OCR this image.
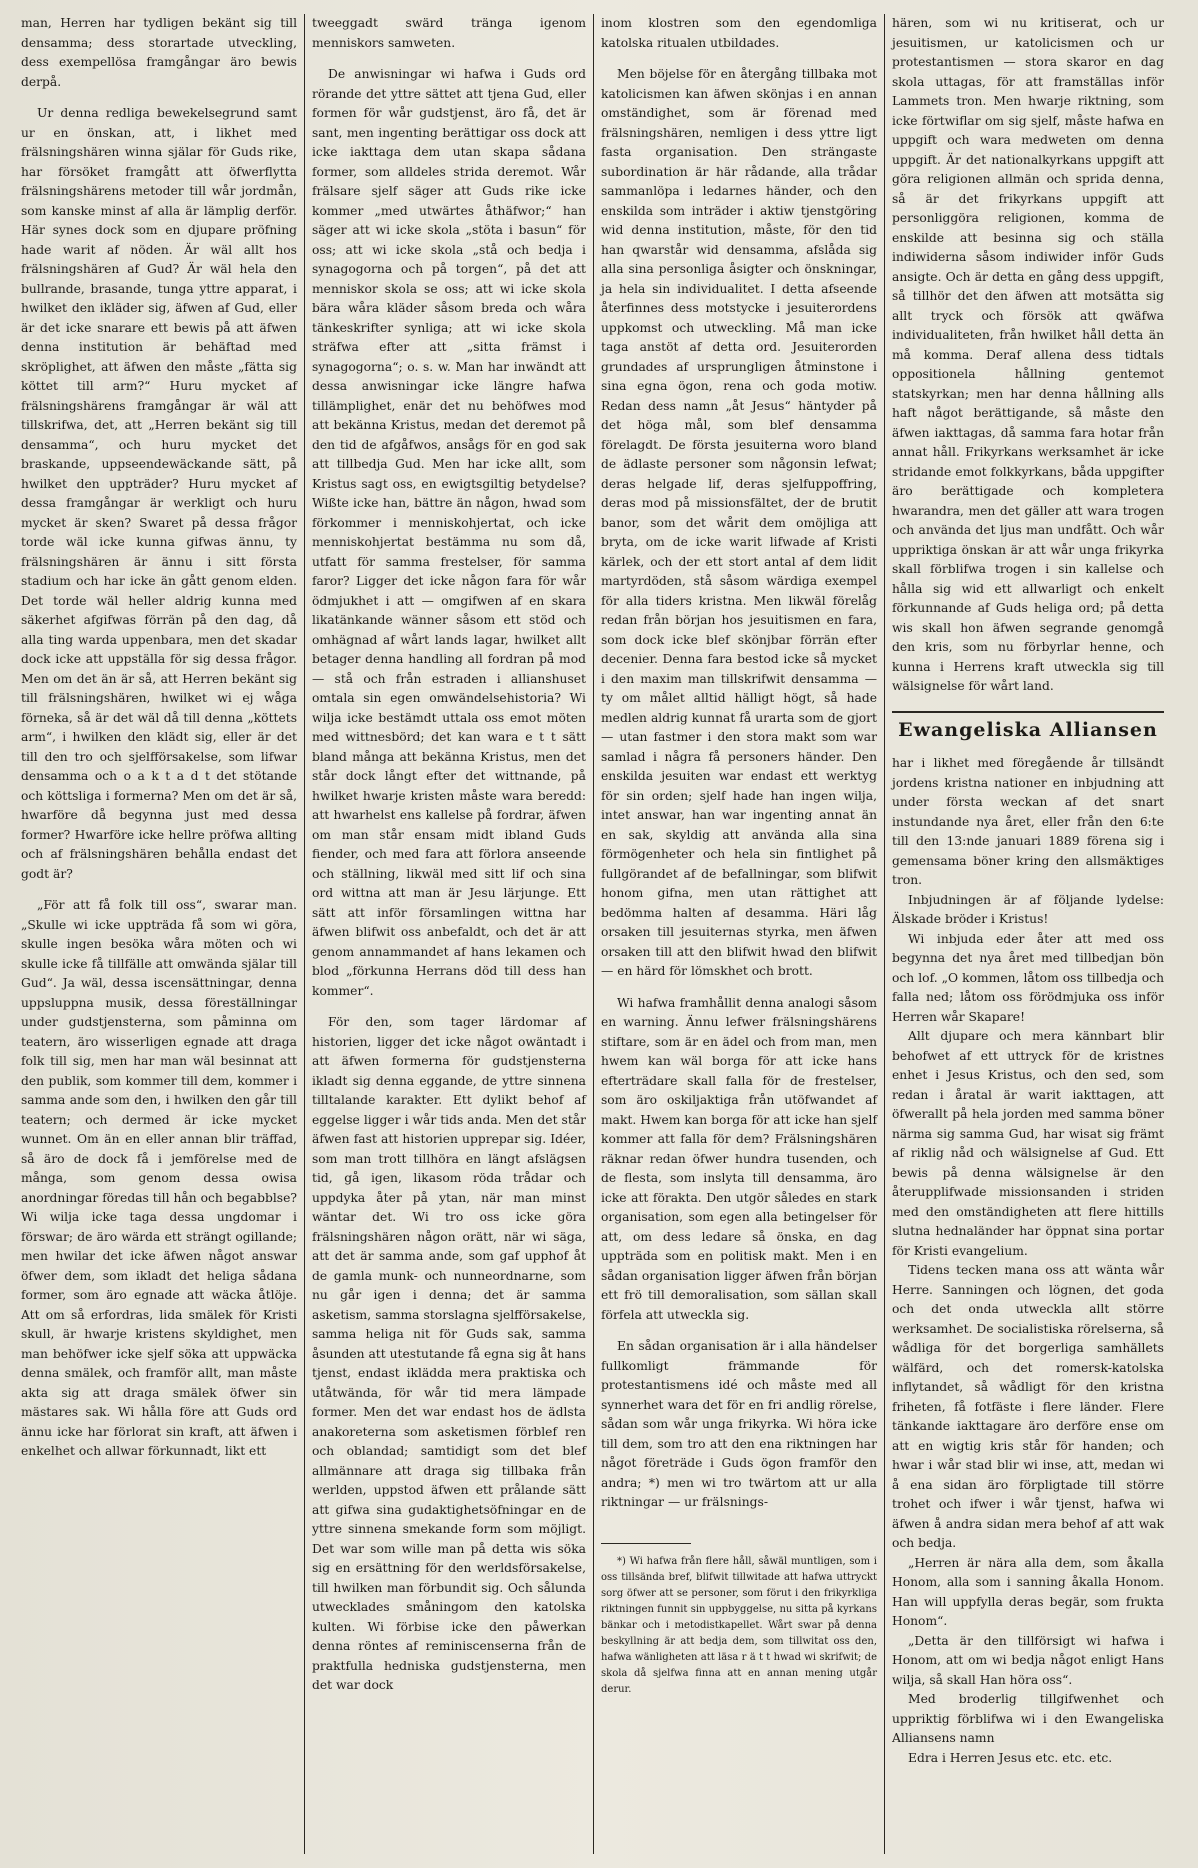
man, Herren har tydligen bekänt sig till densamma; dess storartade utveckling, dess exempellösa framgångar äro bewis derpå.

Ur denna redliga bewekelsegrund samt ur en önskan, att, i likhet med frälsningshären winna själar för Guds rike, har försöket framgått att öfwerflytta frälsningshärens metoder till wår jordmån, som kanske minst af alla är lämplig derför. Här synes dock som en djupare pröfning hade warit af nöden. Är wäl allt hos frälsningshären af Gud? Är wäl hela den bullrande, brasande, tunga yttre apparat, i hwilket den ikläder sig, äfwen af Gud, eller är det icke snarare ett bewis på att äfwen denna institution är behäftad med skröplighet, att äfwen den måste „fätta sig köttet till arm?“ Huru mycket af frälsningshärens framgångar är wäl att tillskrifwa, det, att „Herren bekänt sig till densamma“, och huru mycket det braskande, uppseendewäckande sätt, på hwilket den uppträder? Huru mycket af dessa framgångar är werkligt och huru mycket är sken? Swaret på dessa frågor torde wäl icke kunna gifwas ännu, ty frälsningshären är ännu i sitt första stadium och har icke än gått genom elden. Det torde wäl heller aldrig kunna med säkerhet afgifwas förrän på den dag, då alla ting warda uppenbara, men det skadar dock icke att uppställa för sig dessa frågor. Men om det än är så, att Herren bekänt sig till frälsningshären, hwilket wi ej wåga förneka, så är det wäl då till denna „köttets arm“, i hwilken den klädt sig, eller är det till den tro och sjelfförsakelse, som lifwar densamma och o a k t a d t det stötande och köttsliga i formerna? Men om det är så, hwarföre då begynna just med dessa former? Hwarföre icke hellre pröfwa allting och af frälsningshären behålla endast det godt är?

„För att få folk till oss“, swarar man. „Skulle wi icke uppträda få som wi göra, skulle ingen besöka wåra möten och wi skulle icke få tillfälle att omwända själar till Gud“. Ja wäl, dessa iscensättningar, denna uppsluppna musik, dessa föreställningar under gudstjensterna, som påminna om teatern, äro wisserligen egnade att draga folk till sig, men har man wäl besinnat att den publik, som kommer till dem, kommer i samma ande som den, i hwilken den går till teatern; och dermed är icke mycket wunnet. Om än en eller annan blir träffad, så äro de dock få i jemförelse med de många, som genom dessa owisa anordningar föredas till hån och begabblse? Wi wilja icke taga dessa ungdomar i förswar; de äro wärda ett strängt ogillande; men hwilar det icke äfwen något answar öfwer dem, som ikladt det heliga sådana former, som äro egnade att wäcka åtlöje. Att om så erfordras, lida smälek för Kristi skull, är hwarje kristens skyldighet, men man behöfwer icke sjelf söka att uppwäcka denna smälek, och framför allt, man måste akta sig att draga smälek öfwer sin mästares sak. Wi hålla före att Guds ord ännu icke har förlorat sin kraft, att äfwen i enkelhet och allwar förkunnadt, likt ett

tweeggadt swärd tränga igenom menniskors samweten.

De anwisningar wi hafwa i Guds ord rörande det yttre sättet att tjena Gud, eller formen för wår gudstjenst, äro få, det är sant, men ingenting berättigar oss dock att icke iakttaga dem utan skapa sådana former, som alldeles strida deremot. Wår frälsare sjelf säger att Guds rike icke kommer „med utwärtes åthäfwor;“ han säger att wi icke skola „stöta i basun“ för oss; att wi icke skola „stå och bedja i synagogorna och på torgen“, på det att menniskor skola se oss; att wi icke skola bära wåra kläder såsom breda och wåra tänkeskrifter synliga; att wi icke skola sträfwa efter att „sitta främst i synagogorna“; o. s. w. Man har inwändt att dessa anwisningar icke längre hafwa tillämplighet, enär det nu behöfwes mod att bekänna Kristus, medan det deremot på den tid de afgåfwos, ansågs för en god sak att tillbedja Gud. Men har icke allt, som Kristus sagt oss, en ewigtsgiltig betydelse? Wißte icke han, bättre än någon, hwad som förkommer i menniskohjertat, och icke menniskohjertat bestämma nu som då, utfatt för samma frestelser, för samma faror? Ligger det icke någon fara för wår ödmjukhet i att — omgifwen af en skara likatänkande wänner såsom ett stöd och omhägnad af wårt lands lagar, hwilket allt betager denna handling all fordran på mod — stå och från estraden i allianshuset omtala sin egen omwändelsehistoria? Wi wilja icke bestämdt uttala oss emot möten med wittnesbörd; det kan wara e t t sätt bland många att bekänna Kristus, men det står dock långt efter det wittnande, på hwilket hwarje kristen måste wara beredd: att hwarhelst ens kallelse på fordrar, äfwen om man står ensam midt ibland Guds fiender, och med fara att förlora anseende och ställning, likwäl med sitt lif och sina ord wittna att man är Jesu lärjunge. Ett sätt att inför församlingen wittna har äfwen blifwit oss anbefaldt, och det är att genom annammandet af hans lekamen och blod „förkunna Herrans död till dess han kommer“.

För den, som tager lärdomar af historien, ligger det icke något owäntadt i att äfwen formerna för gudstjensterna ikladt sig denna eggande, de yttre sinnena tilltalande karakter. Ett dylikt behof af eggelse ligger i wår tids anda. Men det står äfwen fast att historien upprepar sig. Idéer, som man trott tillhöra en längt afslägsen tid, gå igen, likasom röda trådar och uppdyka åter på ytan, när man minst wäntar det. Wi tro oss icke göra frälsningshären någon orätt, när wi säga, att det är samma ande, som gaf upphof åt de gamla munk- och nunneordnarne, som nu går igen i denna; det är samma asketism, samma storslagna sjelfförsakelse, samma heliga nit för Guds sak, samma åsunden att utestutande få egna sig åt hans tjenst, endast iklädda mera praktiska och utåtwända, för wår tid mera lämpade former. Men det war endast hos de ädlsta anakoreterna som asketismen förblef ren och oblandad; samtidigt som det blef allmännare att draga sig tillbaka från werlden, uppstod äfwen ett prålande sätt att gifwa sina gudaktighetsöfningar en de yttre sinnena smekande form som möjligt. Det war som wille man på detta wis söka sig en ersättning för den werldsförsakelse, till hwilken man förbundit sig. Och sålunda utwecklades småningom den katolska kulten. Wi förbise icke den påwerkan denna röntes af reminiscenserna från de praktfulla hedniska gudstjensterna, men det war dock

inom klostren som den egendomliga katolska ritualen utbildades.

Men böjelse för en återgång tillbaka mot katolicismen kan äfwen skönjas i en annan omständighet, som är förenad med frälsningshären, nemligen i dess yttre ligt fasta organisation. Den strängaste subordination är här rådande, alla trådar sammanlöpa i ledarnes händer, och den enskilda som inträder i aktiw tjenstgöring wid denna institution, måste, för den tid han qwarstår wid densamma, afslåda sig alla sina personliga åsigter och önskningar, ja hela sin individualitet. I detta afseende återfinnes dess motstycke i jesuiterordens uppkomst och utweckling. Må man icke taga anstöt af detta ord. Jesuiterorden grundades af ursprungligen åtminstone i sina egna ögon, rena och goda motiw. Redan dess namn „åt Jesus“ häntyder på det höga mål, som blef densamma förelagdt. De första jesuiterna woro bland de ädlaste personer som någonsin lefwat; deras helgade lif, deras sjelfuppoffring, deras mod på missionsfältet, der de brutit banor, som det wårit dem omöjliga att bryta, om de icke warit lifwade af Kristi kärlek, och der ett stort antal af dem lidit martyrdöden, stå såsom wärdiga exempel för alla tiders kristna. Men likwäl förelåg redan från början hos jesuitismen en fara, som dock icke blef skönjbar förrän efter decenier. Denna fara bestod icke så mycket i den maxim man tillskrifwit densamma — ty om målet alltid hälligt högt, så hade medlen aldrig kunnat få urarta som de gjort — utan fastmer i den stora makt som war samlad i några få personers händer. Den enskilda jesuiten war endast ett werktyg för sin orden; sjelf hade han ingen wilja, intet answar, han war ingenting annat än en sak, skyldig att använda alla sina förmögenheter och hela sin fintlighet på fullgörandet af de befallningar, som blifwit honom gifna, men utan rättighet att bedömma halten af desamma. Häri låg orsaken till jesuiternas styrka, men äfwen orsaken till att den blifwit hwad den blifwit — en härd för lömskhet och brott.

Wi hafwa framhållit denna analogi såsom en warning. Ännu lefwer frälsningshärens stiftare, som är en ädel och from man, men hwem kan wäl borga för att icke hans efterträdare skall falla för de frestelser, som äro oskiljaktiga från utöfwandet af makt. Hwem kan borga för att icke han sjelf kommer att falla för dem? Frälsningshären räknar redan öfwer hundra tusenden, och de flesta, som inslyta till densamma, äro icke att förakta. Den utgör således en stark organisation, som egen alla betingelser för att, om dess ledare så önska, en dag uppträda som en politisk makt. Men i en sådan organisation ligger äfwen från början ett frö till demoralisation, som sällan skall förfela att utweckla sig.

En sådan organisation är i alla händelser fullkomligt främmande för protestantismens idé och måste med all synnerhet wara det för en fri andlig rörelse, sådan som wår unga frikyrka. Wi höra icke till dem, som tro att den ena riktningen har något företräde i Guds ögon framför den andra; *) men wi tro twärtom att ur alla riktningar — ur frälsnings-

*) Wi hafwa från flere håll, såwäl muntligen, som i oss tillsända bref, blifwit tillwitade att hafwa uttryckt sorg öfwer att se personer, som förut i den frikyrkliga riktningen funnit sin uppbyggelse, nu sitta på kyrkans bänkar och i metodistkapellet. Wårt swar på denna beskyllning är att bedja dem, som tillwitat oss den, hafwa wänligheten att läsa r ä t t hwad wi skrifwit; de skola då sjelfwa finna att en annan mening utgår derur.

hären, som wi nu kritiserat, och ur jesuitismen, ur katolicismen och ur protestantismen — stora skaror en dag skola uttagas, för att framställas inför Lammets tron. Men hwarje riktning, som icke förtwiflar om sig sjelf, måste hafwa en uppgift och wara medweten om denna uppgift. Är det nationalkyrkans uppgift att göra religionen allmän och sprida denna, så är det frikyrkans uppgift att personliggöra religionen, komma de enskilde att besinna sig och ställa indiwiderna såsom indiwider inför Guds ansigte. Och är detta en gång dess uppgift, så tillhör det den äfwen att motsätta sig allt tryck och försök att qwäfwa individualiteten, från hwilket håll detta än må komma. Deraf allena dess tidtals oppositionela hållning gentemot statskyrkan; men har denna hållning alls haft något berättigande, så måste den äfwen iakttagas, då samma fara hotar från annat håll. Frikyrkans werksamhet är icke stridande emot folkkyrkans, båda uppgifter äro berättigade och kompletera hwarandra, men det gäller att wara trogen och använda det ljus man undfått. Och wår uppriktiga önskan är att wår unga frikyrka skall förblifwa trogen i sin kallelse och hålla sig wid ett allwarligt och enkelt förkunnande af Guds heliga ord; på detta wis skall hon äfwen segrande genomgå den kris, som nu förbyrlar henne, och kunna i Herrens kraft utweckla sig till wälsignelse för wårt land.

Ewangeliska Alliansen

har i likhet med föregående år tillsändt jordens kristna nationer en inbjudning att under första weckan af det snart instundande nya året, eller från den 6:te till den 13:nde januari 1889 förena sig i gemensama böner kring den allsmäktiges tron.

Inbjudningen är af följande lydelse: Älskade bröder i Kristus!

Wi inbjuda eder åter att med oss begynna det nya året med tillbedjan bön och lof. „O kommen, låtom oss tillbedja och falla ned; låtom oss förödmjuka oss inför Herren wår Skapare!

Allt djupare och mera kännbart blir behofwet af ett uttryck för de kristnes enhet i Jesus Kristus, och den sed, som redan i åratal är warit iakttagen, att öfwerallt på hela jorden med samma böner närma sig samma Gud, har wisat sig främt af riklig nåd och wälsignelse af Gud. Ett bewis på denna wälsignelse är den återupplifwade missionsanden i striden med den omständigheten att flere hittills slutna hednaländer har öppnat sina portar för Kristi evangelium.

Tidens tecken mana oss att wänta wår Herre. Sanningen och lögnen, det goda och det onda utweckla allt större werksamhet. De socialistiska rörelserna, så wådliga för det borgerliga samhällets wälfärd, och det romersk-katolska inflytandet, så wådligt för den kristna friheten, få fotfäste i flere länder. Flere tänkande iakttagare äro derföre ense om att en wigtig kris står för handen; och hwar i wår stad blir wi inse, att, medan wi å ena sidan äro förpligtade till större trohet och ifwer i wår tjenst, hafwa wi äfwen å andra sidan mera behof af att wak och bedja.

„Herren är nära alla dem, som åkalla Honom, alla som i sanning åkalla Honom. Han will uppfylla deras begär, som frukta Honom“.

„Detta är den tillförsigt wi hafwa i Honom, att om wi bedja något enligt Hans wilja, så skall Han höra oss“.

Med broderlig tillgifwenhet och uppriktig förblifwa wi i den Ewangeliska Alliansens namn

Edra i Herren Jesus etc. etc. etc.
